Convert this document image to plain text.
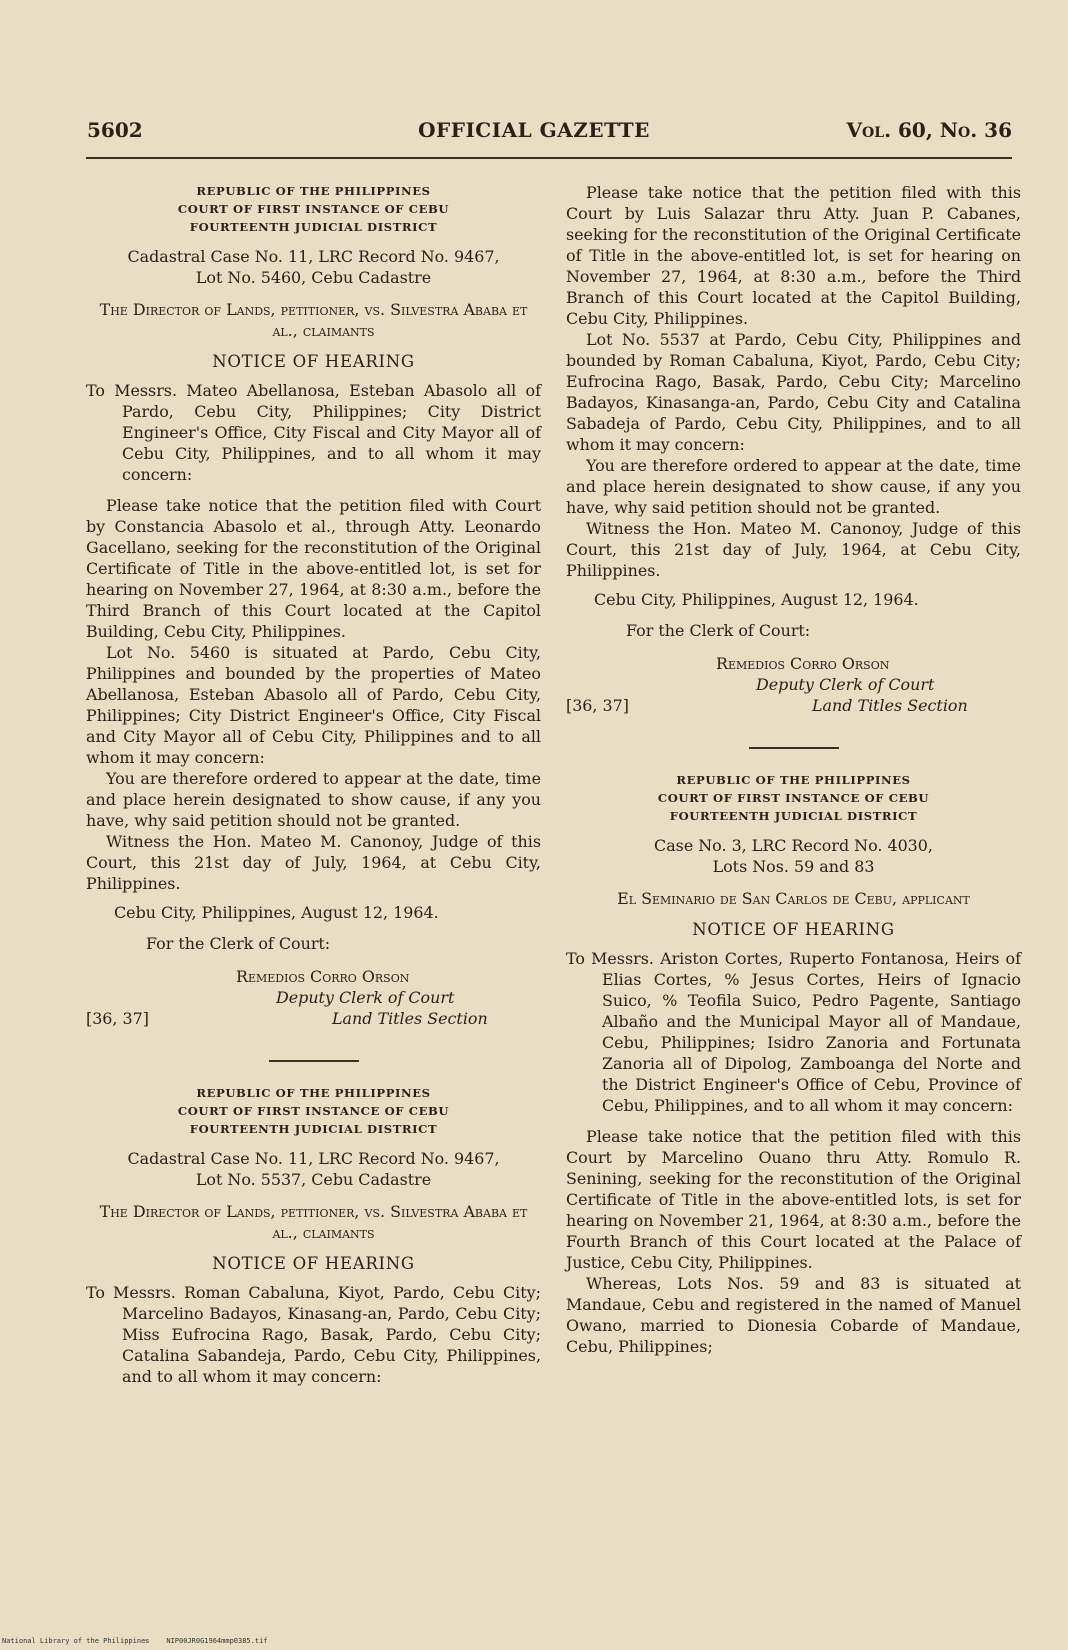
5602	OFFICIAL GAZETTE	Vol. 60, No. 36
REPUBLIC OF THE PHILIPPINES
COURT OF FIRST INSTANCE OF CEBU
FOURTEENTH JUDICIAL DISTRICT
Cadastral Case No. 11, LRC Record No. 9467,
Lot No. 5460, Cebu Cadastre
The Director of Lands, petitioner, vs. Silvestra Ababa et al., claimants
NOTICE OF HEARING
To Messrs. Mateo Abellanosa, Esteban Abasolo all of Pardo, Cebu City, Philippines; City District Engineer's Office, City Fiscal and City Mayor all of Cebu City, Philippines, and to all whom it may concern:

Please take notice that the petition filed with Court by Constancia Abasolo et al., through Atty. Leonardo Gacellano, seeking for the reconstitution of the Original Certificate of Title in the above-entitled lot, is set for hearing on November 27, 1964, at 8:30 a.m., before the Third Branch of this Court located at the Capitol Building, Cebu City, Philippines.

Lot No. 5460 is situated at Pardo, Cebu City, Philippines and bounded by the properties of Mateo Abellanosa, Esteban Abasolo all of Pardo, Cebu City, Philippines; City District Engineer's Office, City Fiscal and City Mayor all of Cebu City, Philippines and to all whom it may concern:

You are therefore ordered to appear at the date, time and place herein designated to show cause, if any you have, why said petition should not be granted.

Witness the Hon. Mateo M. Canonoy, Judge of this Court, this 21st day of July, 1964, at Cebu City, Philippines.

Cebu City, Philippines, August 12, 1964.

For the Clerk of Court:

Remedios Corro Orson
Deputy Clerk of Court
Land Titles Section
[36, 37]
REPUBLIC OF THE PHILIPPINES
COURT OF FIRST INSTANCE OF CEBU
FOURTEENTH JUDICIAL DISTRICT
Cadastral Case No. 11, LRC Record No. 9467,
Lot No. 5537, Cebu Cadastre
The Director of Lands, petitioner, vs. Silvestra Ababa et al., claimants
NOTICE OF HEARING
To Messrs. Roman Cabaluna, Kiyot, Pardo, Cebu City; Marcelino Badayos, Kinasang-an, Pardo, Cebu City; Miss Eufrocina Rago, Basak, Pardo, Cebu City; Catalina Sabandeja, Pardo, Cebu City, Philippines, and to all whom it may concern:

Please take notice that the petition filed with this Court by Luis Salazar thru Atty. Juan P. Cabanes, seeking for the reconstitution of the Original Certificate of Title in the above-entitled lot, is set for hearing on November 27, 1964, at 8:30 a.m., before the Third Branch of this Court located at the Capitol Building, Cebu City, Philippines.

Lot No. 5537 at Pardo, Cebu City, Philippines and bounded by Roman Cabaluna, Kiyot, Pardo, Cebu City; Eufrocina Rago, Basak, Pardo, Cebu City; Marcelino Badayos, Kinasanga-an, Pardo, Cebu City and Catalina Sabadeja of Pardo, Cebu City, Philippines, and to all whom it may concern:

You are therefore ordered to appear at the date, time and place herein designated to show cause, if any you have, why said petition should not be granted.

Witness the Hon. Mateo M. Canonoy, Judge of this Court, this 21st day of July, 1964, at Cebu City, Philippines.

Cebu City, Philippines, August 12, 1964.

For the Clerk of Court:

Remedios Corro Orson
Deputy Clerk of Court
Land Titles Section
[36, 37]
REPUBLIC OF THE PHILIPPINES
COURT OF FIRST INSTANCE OF CEBU
FOURTEENTH JUDICIAL DISTRICT
Case No. 3, LRC Record No. 4030,
Lots Nos. 59 and 83
El Seminario de San Carlos de Cebu, applicant
NOTICE OF HEARING
To Messrs. Ariston Cortes, Ruperto Fontanosa, Heirs of Elias Cortes, % Jesus Cortes, Heirs of Ignacio Suico, % Teofila Suico, Pedro Pagente, Santiago Albaño and the Municipal Mayor all of Mandaue, Cebu, Philippines; Isidro Zanoria and Fortunata Zanoria all of Dipolog, Zamboanga del Norte and the District Engineer's Office of Cebu, Province of Cebu, Philippines, and to all whom it may concern:

Please take notice that the petition filed with this Court by Marcelino Ouano thru Atty. Romulo R. Senining, seeking for the reconstitution of the Original Certificate of Title in the above-entitled lots, is set for hearing on November 21, 1964, at 8:30 a.m., before the Fourth Branch of this Court located at the Palace of Justice, Cebu City, Philippines.

Whereas, Lots Nos. 59 and 83 is situated at Mandaue, Cebu and registered in the named of Manuel Owano, married to Dionesia Cobarde of Mandaue, Cebu, Philippines;

National Library of the Philippines    NIP00JR0G1964mmp0385.tif
